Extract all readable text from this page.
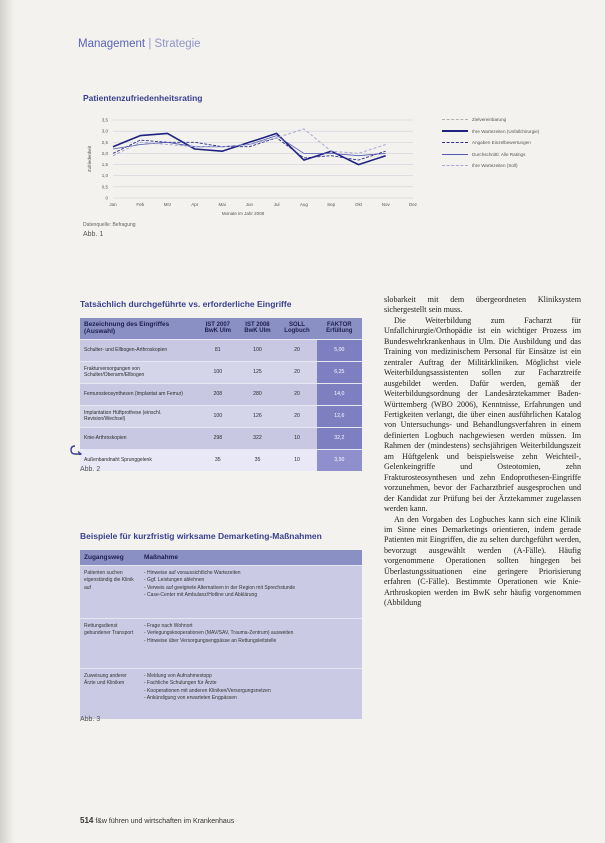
Management | Strategie
Patientenzufriedenheitsrating
0
0,5
1,0
1,5
2,0
2,5
3,0
3,5
Jan	Feb	Mrz	Apr	Mai	Jun	Jul	Aug	Sep	Okt	Nov	Dez
Monate im Jahr 2008
Zufriedenheit
Zielvereinbarung
Ihre Wartezeiten (Unfallchirurgie)
Angaben Einzelbewertungen
Durchschnittl. Alle Ratings
Ihre Wartezeiten (Soll)
Datenquelle: Befragung
Abb. 1
Tatsächlich durchgeführte vs. erforderliche Eingriffe
Bezeichnung des Eingriffes (Auswahl)	IST 2007 BwK Ulm	IST 2008 BwK Ulm	SOLL Logbuch	FAKTOR Erfüllung
Schulter- und Ellbogen-Arthroskopien	81	100	20	5,00
Frakturversorgungen von Schulter/Oberarm/Ellbogen	100	125	20	6,25
Femurosteosynthesen (Implantat am Femur)	208	280	20	14,0
Implantation Hüftprothese (einschl. Revision/Wechsel)	100	126	20	12,6
Knie-Arthroskopien	298	322	10	32,2
Außenbandnaht Sprunggelenk	35	35	10	3,50
Abb. 2
Beispiele für kurzfristig wirksame Demarketing-Maßnahmen
Zugangsweg	Maßnahme
Patienten suchen eigenständig die Klinik auf	- Hinweise auf voraussichtliche Wartezeiten
- Ggf. Leistungen ablehnen
- Verweis auf geeignete Alternativen in der Region mit Sprechstunde
- Case-Center mit Ambulanz/Hotline und Abklärung

Rettungsdienst gebundener Transport	- Frage nach Wohnort
- Verlegungskooperationen (MAV/SAV, Trauma-Zentrum) ausweiten
- Hinweise über Versorgungsengpässe an Rettungsleitstelle

Zuweisung anderer Ärzte und Kliniken	- Meldung von Aufnahmestopp
- Fachliche Schulungen für Ärzte
- Kooperationen mit anderen Kliniken/Versorgungsnetzen
- Ankündigung von erwarteten Engpässen
Abb. 3

slobarkeit mit dem übergeordneten Kliniksystem sichergestellt sein muss.

Die Weiterbildung zum Facharzt für Unfallchirurgie/Orthopädie ist ein wichtiger Prozess im Bundeswehrkrankenhaus in Ulm. Die Ausbildung und das Training von medizinischem Personal für Einsätze ist ein zentraler Auftrag der Militärkliniken. Möglichst viele Weiterbildungsassistenten sollen zur Facharztreife ausgebildet werden. Dafür werden, gemäß der Weiterbildungsordnung der Landesärztekammer Baden-Württemberg (WBO 2006), Kenntnisse, Erfahrungen und Fertigkeiten verlangt, die über einen ausführlichen Katalog von Untersuchungs- und Behandlungsverfahren in einem definierten Logbuch nachgewiesen werden müssen. Im Rahmen der (mindestens) sechsjährigen Weiterbildungszeit am Hüftgelenk und beispielsweise zehn Weichteil-, Gelenkeingriffe und Osteotomien, zehn Frakturosteosynthesen und zehn Endoprothesen-Eingriffe vorzunehmen, bevor der Facharztbrief ausgesprochen und der Kandidat zur Prüfung bei der Ärztekammer zugelassen werden kann.

An den Vorgaben des Logbuches kann sich eine Klinik im Sinne eines Demarketings orientieren, indem gerade Patienten mit Eingriffen, die zu selten durchgeführt werden, bevorzugt ausgewählt werden (A-Fälle). Häufig vorgenommene Operationen sollten hingegen bei Überlastungssituationen eine geringere Priorisierung erfahren (C-Fälle). Bestimmte Operationen wie Knie-Arthroskopien werden im BwK sehr häufig vorgenommen (Abbildung

514 f&w führen und wirtschaften im Krankenhaus
